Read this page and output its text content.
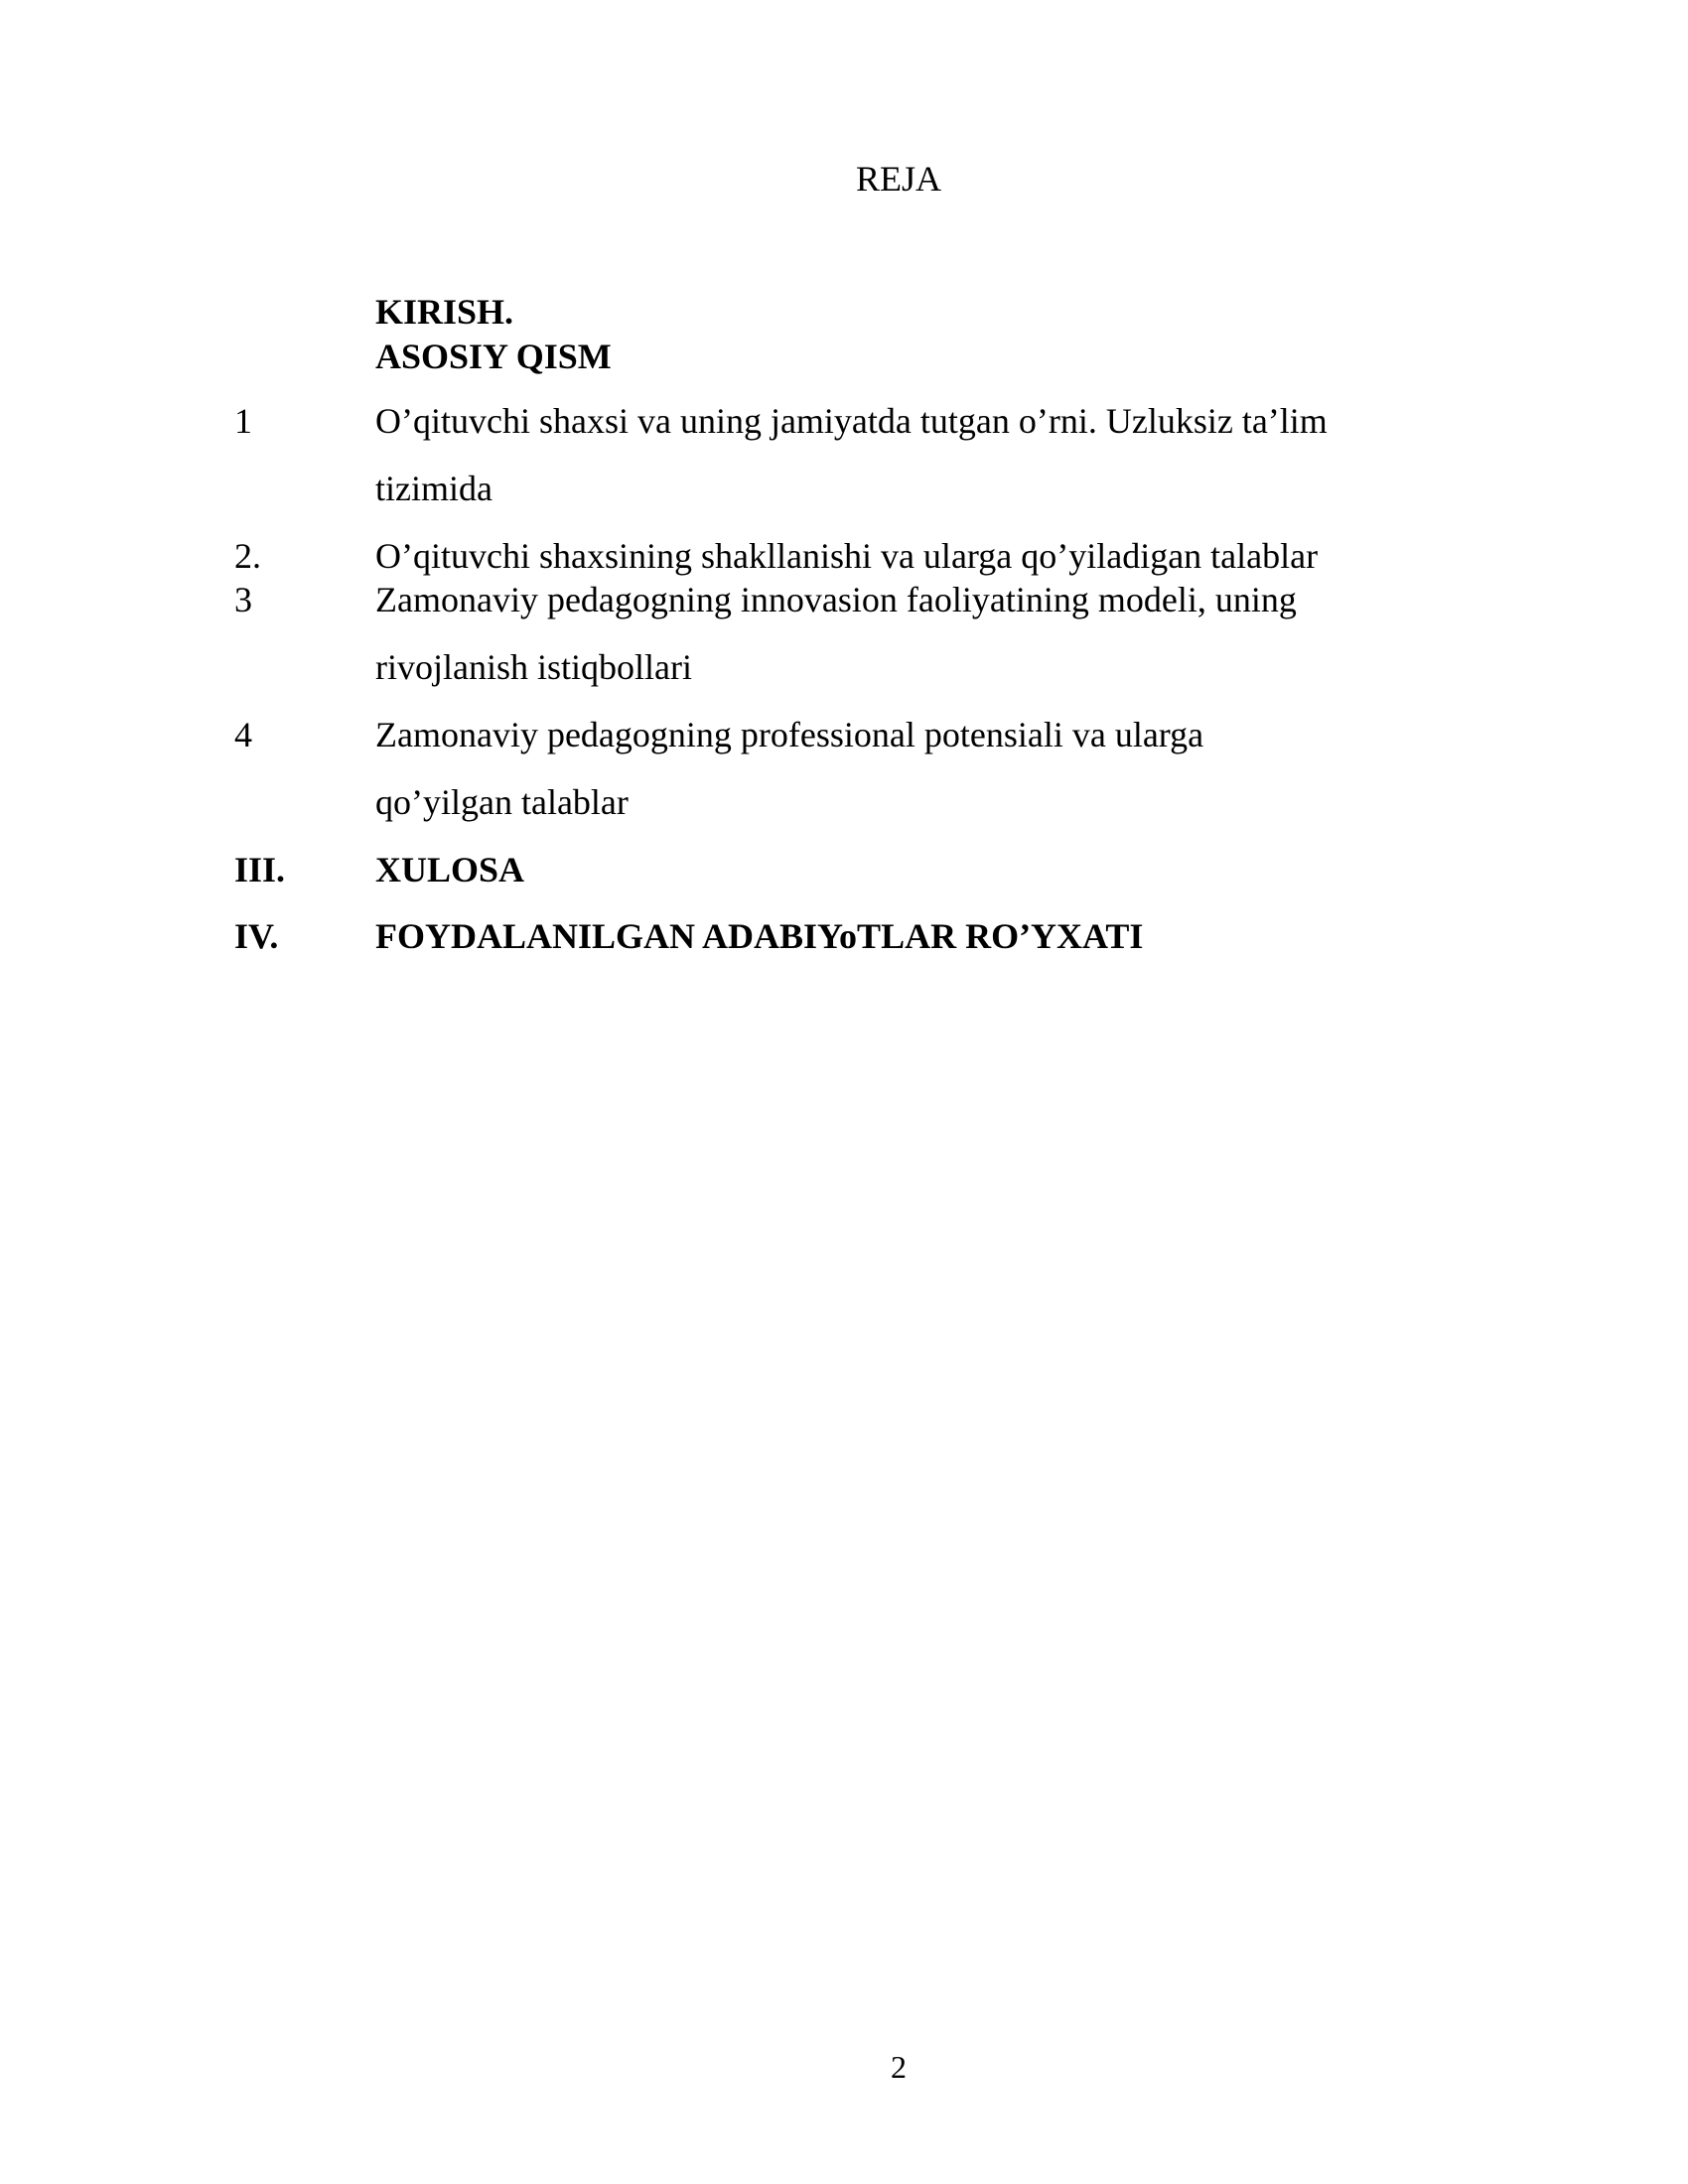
REJA
KIRISH.
ASOSIY QISM
1	O’qituvchi shaxsi va uning jamiyatda tutgan o’rni. Uzluksiz ta’lim tizimida
2.	O’qituvchi shaxsining shakllanishi va ularga qo’yiladigan talablar
3	Zamonaviy pedagogning innovasion faoliyatining modeli, uning rivojlanish istiqbollari
4	Zamonaviy pedagogning professional potensiali va ularga qo’yilgan talablar
III.	XULOSA
IV.	FOYDALANILGAN ADABIYoTLAR RO’YXATI
2
